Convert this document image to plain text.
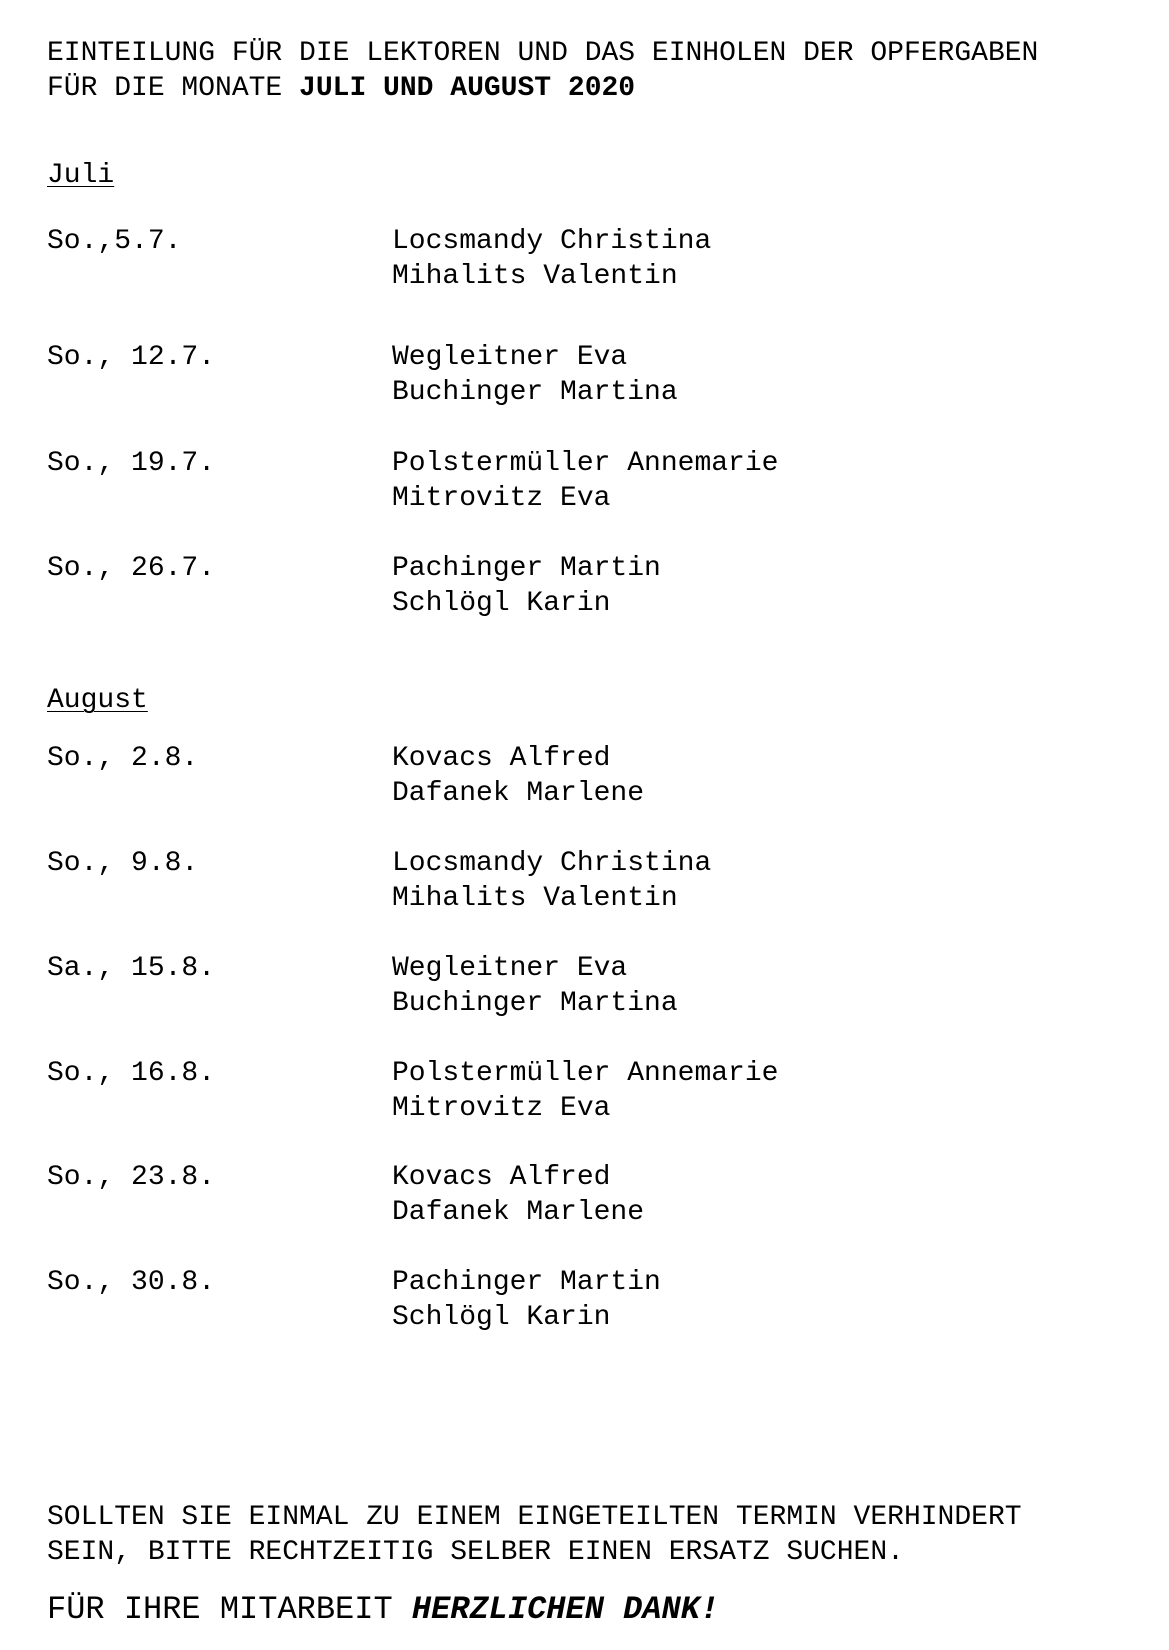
EINTEILUNG FÜR DIE LEKTOREN UND DAS EINHOLEN DER OPFERGABEN
FÜR DIE MONATE JULI UND AUGUST 2020
Juli
So.,5.7.	Locsmandy Christina
Mihalits Valentin
So., 12.7.	Wegleitner Eva
Buchinger Martina
So., 19.7.	Polstermüller Annemarie
Mitrovitz Eva
So., 26.7.	Pachinger Martin
Schlögl Karin
August
So., 2.8.	Kovacs Alfred
Dafanek Marlene
So., 9.8.	Locsmandy Christina
Mihalits Valentin
Sa., 15.8.	Wegleitner Eva
Buchinger Martina
So., 16.8.	Polstermüller Annemarie
Mitrovitz Eva
So., 23.8.	Kovacs Alfred
Dafanek Marlene
So., 30.8.	Pachinger Martin
Schlögl Karin
SOLLTEN SIE EINMAL ZU EINEM EINGETEILTEN TERMIN VERHINDERT
SEIN, BITTE RECHTZEITIG SELBER EINEN ERSATZ SUCHEN.
FÜR IHRE MITARBEIT HERZLICHEN DANK!
